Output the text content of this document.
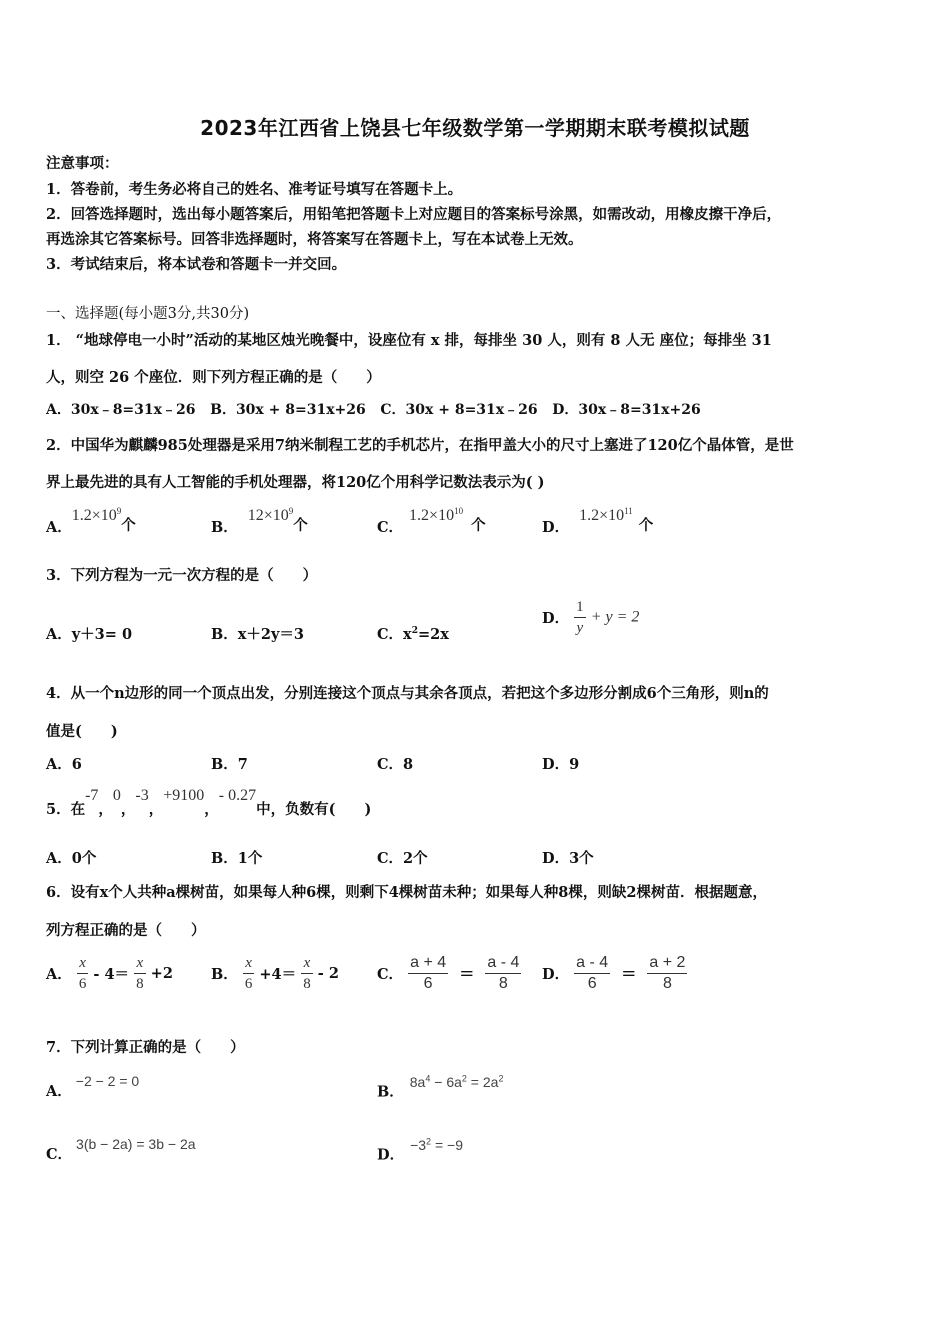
2023年江西省上饶县七年级数学第一学期期末联考模拟试题
注意事项：
1．答卷前，考生务必将自己的姓名、准考证号填写在答题卡上。
2．回答选择题时，选出每小题答案后，用铅笔把答题卡上对应题目的答案标号涂黑，如需改动，用橡皮擦干净后，
再选涂其它答案标号。回答非选择题时，将答案写在答题卡上，写在本试卷上无效。
3．考试结束后，将本试卷和答题卡一并交回。
一、选择题(每小题3分,共30分)
1． “地球停电一小时”活动的某地区烛光晚餐中，设座位有 x 排，每排坐 30 人，则有 8 人无 座位；每排坐 31
人，则空 26 个座位．则下列方程正确的是（　　）
A．30x﹣8=31x﹣26 B．30x + 8=31x+26 C．30x + 8=31x﹣26 D．30x﹣8=31x+26
2．中国华为麒麟985处理器是采用7纳米制程工艺的手机芯片，在指甲盖大小的尺寸上塞进了120亿个晶体管，是世
界上最先进的具有人工智能的手机处理器，将120亿个用科学记数法表示为( )
A．$1.2\times 10^9$个	B．$12\times 10^9$个	C．$1.2\times 10^{10}$个	D．$1.2\times 10^{11}$个
3．下列方程为一元一次方程的是（　　）
A．y＋3= 0	B．x＋2y＝3	C．$x^2=2x$
D． $\frac{1}{y} + y = 2$
4．从一个n边形的同一个顶点出发，分别连接这个顶点与其余各顶点，若把这个多边形分割成6个三角形，则n的
值是(　　)
A．6	B．7	C．8	D．9
5．在-7，0，-3，+9100，- 0.27中，负数有(　　)
A．0个	B．1个	C．2个	D．3个
6．设有x个人共种a棵树苗，如果每人种6棵，则剩下4棵树苗未种；如果每人种8棵，则缺2棵树苗．根据题意，
列方程正确的是（　　）
A． $\frac{x}{6} - 4= \frac{x}{8} +2$	B． $\frac{x}{6} +4= \frac{x}{8} - 2$	C． $\frac{a + 4}{6} = \frac{a - 4}{8}$ D． $\frac{a - 4}{6} = \frac{a + 2}{8}$
7．下列计算正确的是（　　）
A．−2 − 2 = 0
B．$8a^4 - 6a^2 = 2a^2$
C．3(b − 2a) = 3b − 2a
D．$-3^2 = -9$
